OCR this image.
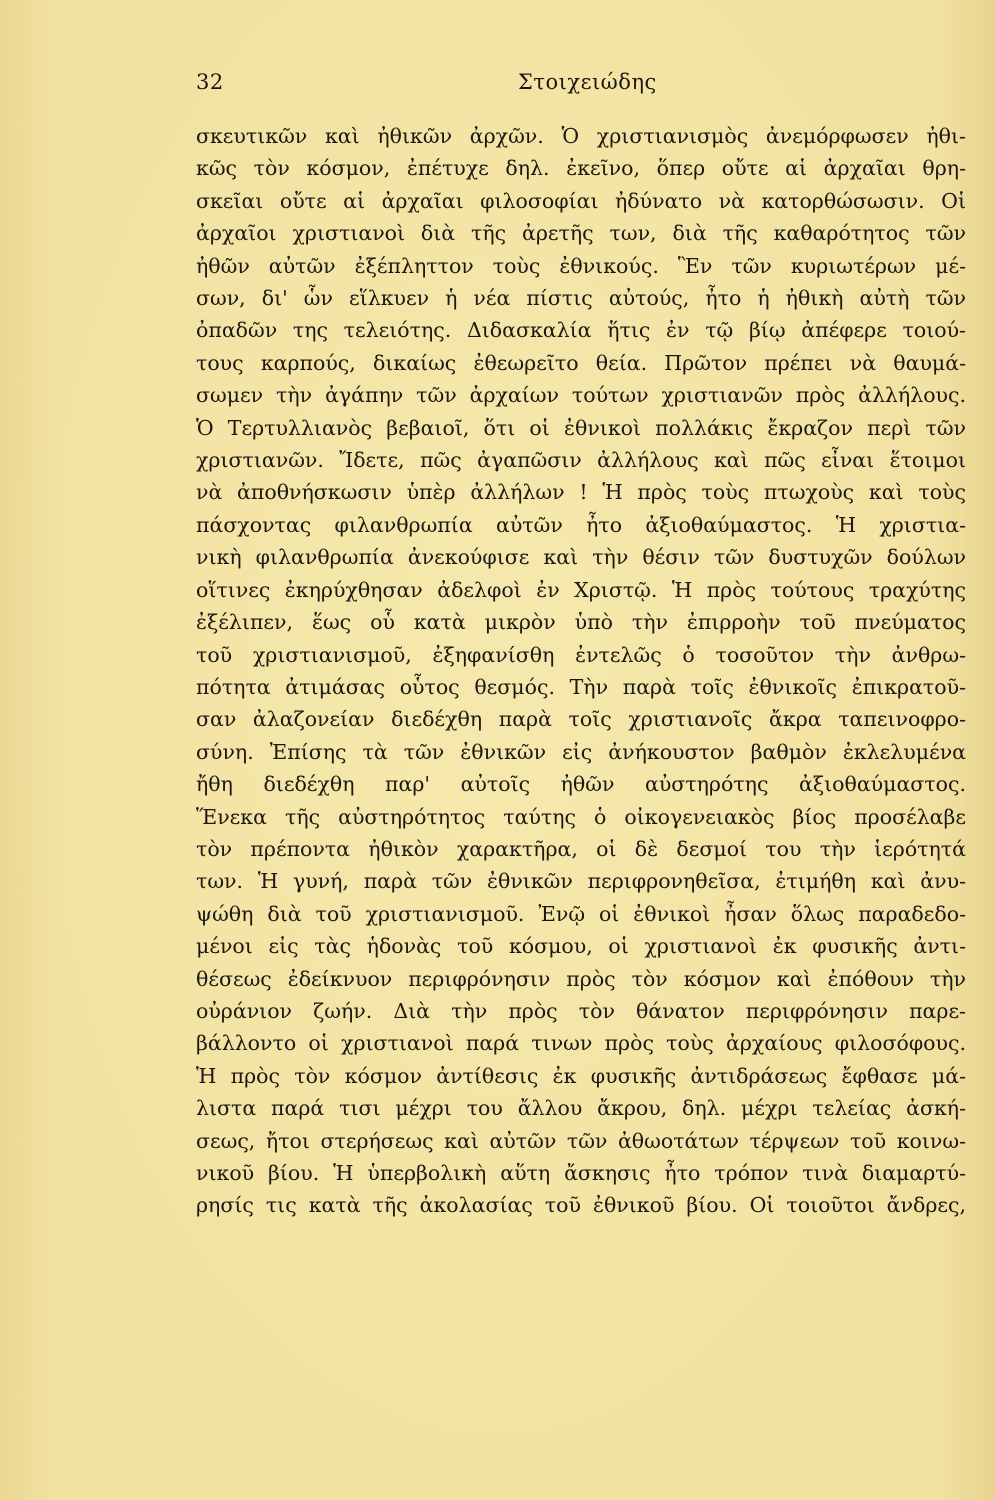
32	Στοιχειώδης
σκευτικῶν καὶ ἠθικῶν ἀρχῶν. Ὁ χριστιανισμὸς ἀνεμόρφωσεν ἠθι-
κῶς τὸν κόσμον, ἐπέτυχε δηλ. ἐκεῖνο, ὅπερ οὔτε αἱ ἀρχαῖαι θρη-
σκεῖαι οὔτε αἱ ἀρχαῖαι φιλοσοφίαι ἠδύνατο νὰ κατορθώσωσιν. Οἱ
ἀρχαῖοι χριστιανοὶ διὰ τῆς ἀρετῆς των, διὰ τῆς καθαρότητος τῶν
ἠθῶν αὐτῶν ἐξέπληττον τοὺς ἐθνικούς. Ἓν τῶν κυριωτέρων μέ-
σων, δι' ὧν εἵλκυεν ἡ νέα πίστις αὐτούς, ἦτο ἡ ἠθικὴ αὐτὴ τῶν
ὀπαδῶν της τελειότης. Διδασκαλία ἥτις ἐν τῷ βίῳ ἀπέφερε τοιού-
τους καρπούς, δικαίως ἐθεωρεῖτο θεία. Πρῶτον πρέπει νὰ θαυμά-
σωμεν τὴν ἀγάπην τῶν ἀρχαίων τούτων χριστιανῶν πρὸς ἀλλήλους.
Ὁ Τερτυλλιανὸς βεβαιοῖ, ὅτι οἱ ἐθνικοὶ πολλάκις ἔκραζον περὶ τῶν
χριστιανῶν. Ἴδετε, πῶς ἀγαπῶσιν ἀλλήλους καὶ πῶς εἶναι ἕτοιμοι
νὰ ἀποθνήσκωσιν ὑπὲρ ἀλλήλων ! Ἡ πρὸς τοὺς πτωχοὺς καὶ τοὺς
πάσχοντας φιλανθρωπία αὐτῶν ἦτο ἀξιοθαύμαστος. Ἡ χριστια-
νικὴ φιλανθρωπία ἀνεκούφισε καὶ τὴν θέσιν τῶν δυστυχῶν δούλων
οἵτινες ἐκηρύχθησαν ἀδελφοὶ ἐν Χριστῷ. Ἡ πρὸς τούτους τραχύτης
ἐξέλιπεν, ἕως οὗ κατὰ μικρὸν ὑπὸ τὴν ἐπιρροὴν τοῦ πνεύματος
τοῦ χριστιανισμοῦ, ἐξηφανίσθη ἐντελῶς ὁ τοσοῦτον τὴν ἀνθρω-
πότητα ἀτιμάσας οὗτος θεσμός. Τὴν παρὰ τοῖς ἐθνικοῖς ἐπικρατοῦ-
σαν ἀλαζονείαν διεδέχθη παρὰ τοῖς χριστιανοῖς ἄκρα ταπεινοφρο-
σύνη. Ἐπίσης τὰ τῶν ἐθνικῶν εἰς ἀνήκουστον βαθμὸν ἐκλελυμένα
ἤθη διεδέχθη παρ' αὐτοῖς ἠθῶν αὐστηρότης ἀξιοθαύμαστος.
Ἕνεκα τῆς αὐστηρότητος ταύτης ὁ οἰκογενειακὸς βίος προσέλαβε
τὸν πρέποντα ἠθικὸν χαρακτῆρα, οἱ δὲ δεσμοί του τὴν ἱερότητά
των. Ἡ γυνή, παρὰ τῶν ἐθνικῶν περιφρονηθεῖσα, ἐτιμήθη καὶ ἀνυ-
ψώθη διὰ τοῦ χριστιανισμοῦ. Ἐνῷ οἱ ἐθνικοὶ ἦσαν ὅλως παραδεδο-
μένοι εἰς τὰς ἡδονὰς τοῦ κόσμου, οἱ χριστιανοὶ ἐκ φυσικῆς ἀντι-
θέσεως ἐδείκνυον περιφρόνησιν πρὸς τὸν κόσμον καὶ ἐπόθουν τὴν
οὐράνιον ζωήν. Διὰ τὴν πρὸς τὸν θάνατον περιφρόνησιν παρε-
βάλλοντο οἱ χριστιανοὶ παρά τινων πρὸς τοὺς ἀρχαίους φιλοσόφους.
Ἡ πρὸς τὸν κόσμον ἀντίθεσις ἐκ φυσικῆς ἀντιδράσεως ἔφθασε μά-
λιστα παρά τισι μέχρι του ἄλλου ἄκρου, δηλ. μέχρι τελείας ἀσκή-
σεως, ἤτοι στερήσεως καὶ αὐτῶν τῶν ἀθωοτάτων τέρψεων τοῦ κοινω-
νικοῦ βίου. Ἡ ὑπερβολικὴ αὕτη ἄσκησις ἦτο τρόπον τινὰ διαμαρτύ-
ρησίς τις κατὰ τῆς ἀκολασίας τοῦ ἐθνικοῦ βίου. Οἱ τοιοῦτοι ἄνδρες,
